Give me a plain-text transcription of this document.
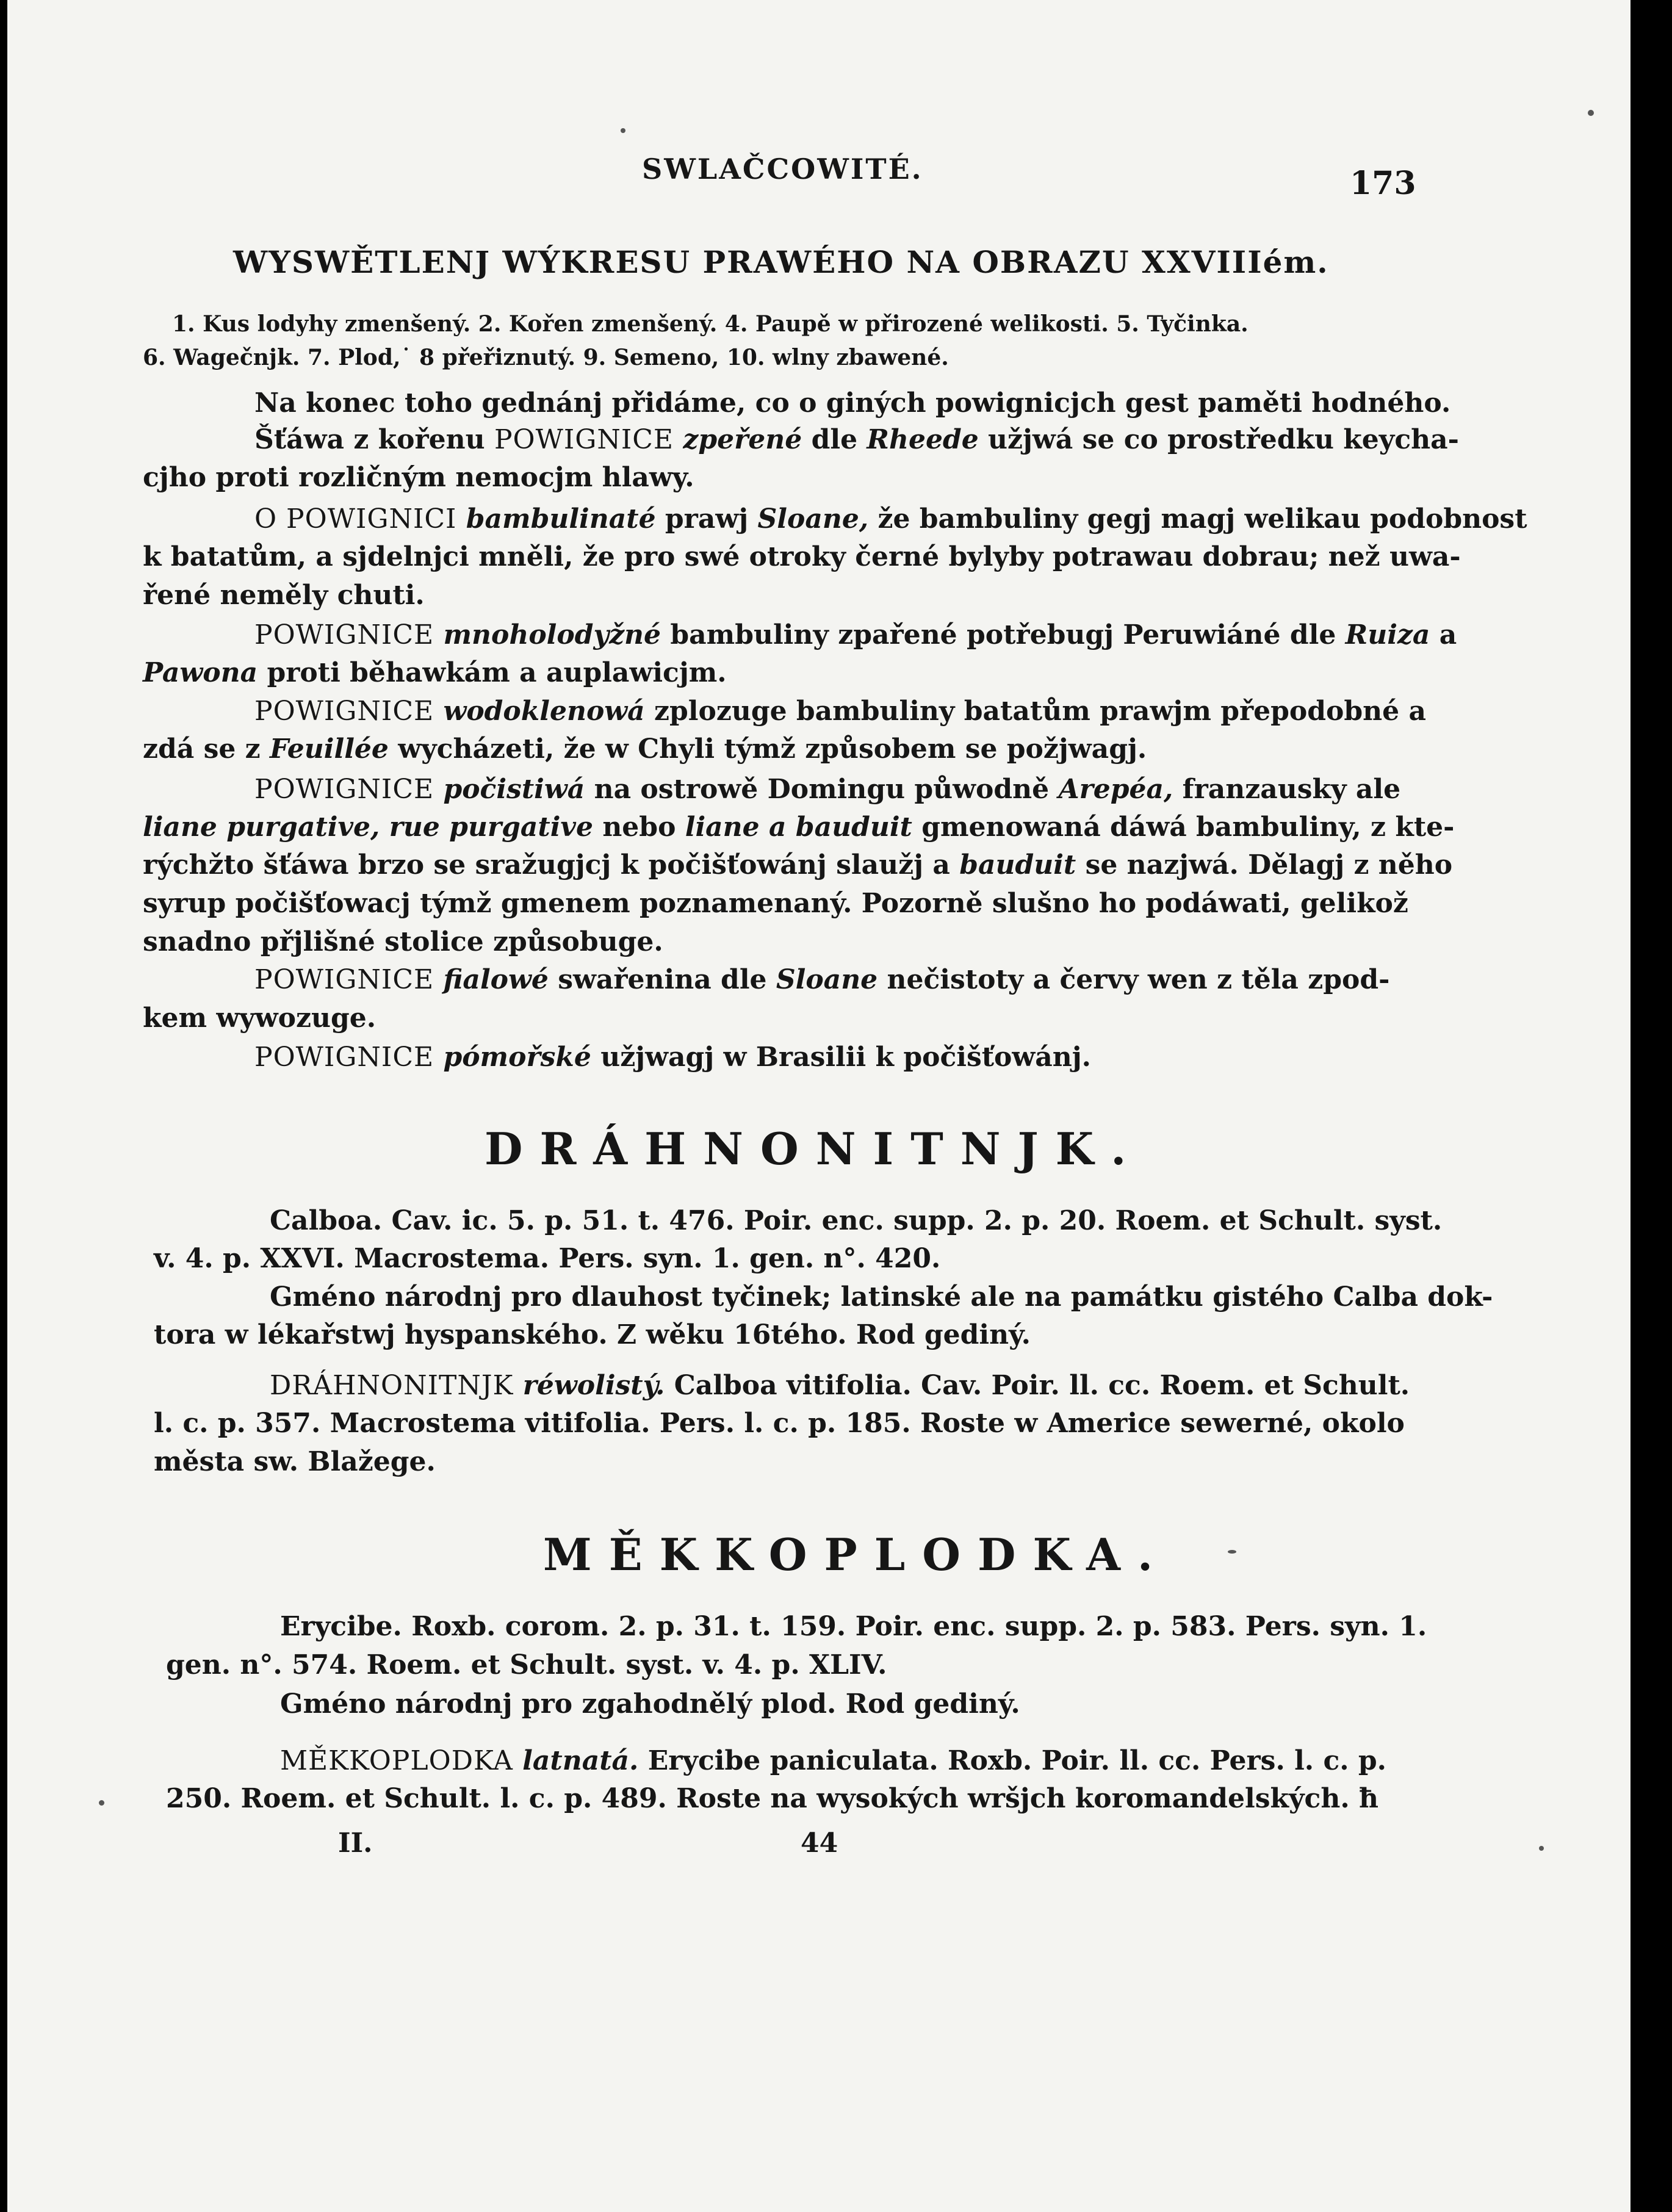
SWLAČCOWITÉ.	173
WYSWĚTLENJ WÝKRESU PRAWÉHO NA OBRAZU XXVIIIém.
1. Kus lodyhy zmenšený. 2. Kořen zmenšený. 4. Paupě w přirozené welikosti. 5. Tyčinka.
6. Wagečnjk. 7. Plod,˙ 8 přeřiznutý. 9. Semeno, 10. wlny zbawené.
Na konec toho gednánj přidáme, co o giných powignicjch gest paměti hodného.
Šťáwa z kořenu POWIGNICE zpeřené dle Rheede užjwá se co prostředku keycha-
cjho proti rozličným nemocjm hlawy.
O POWIGNICI bambulinaté prawj Sloane, že bambuliny gegj magj welikau podobnost
k batatům, a sjdelnjci mněli, že pro swé otroky černé bylyby potrawau dobrau; než uwa-
řené neměly chuti.
POWIGNICE mnoholodyžné bambuliny zpařené potřebugj Peruwiáné dle Ruiza a
Pawona proti běhawkám a auplawicjm.
POWIGNICE wodoklenowá zplozuge bambuliny batatům prawjm přepodobné a
zdá se z Feuillée wycházeti, že w Chyli týmž způsobem se požjwagj.
POWIGNICE počistiwá na ostrowě Domingu půwodně Arepéa, franzausky ale
liane purgative, rue purgative nebo liane a bauduit gmenowaná dáwá bambuliny, z kte-
rýchžto šťáwa brzo se sražugjcj k počišťowánj slaužj a bauduit se nazjwá. Dělagj z něho
syrup počišťowacj týmž gmenem poznamenaný. Pozorně slušno ho podáwati, gelikož
snadno přjlišné stolice způsobuge.
POWIGNICE fialowé swařenina dle Sloane nečistoty a červy wen z těla zpod-
kem wywozuge.
POWIGNICE pómořské užjwagj w Brasilii k počišťowánj.
DRÁHNONITNJK.
Calboa. Cav. ic. 5. p. 51. t. 476. Poir. enc. supp. 2. p. 20. Roem. et Schult. syst.
v. 4. p. XXVI. Macrostema. Pers. syn. 1. gen. n°. 420.
Gméno národnj pro dlauhost tyčinek; latinské ale na památku gistého Calba dok-
tora w lékařstwj hyspanského. Z wěku 16tého. Rod gediný.
DRÁHNONITNJK réwolistý. Calboa vitifolia. Cav. Poir. ll. cc. Roem. et Schult.
l. c. p. 357. Macrostema vitifolia. Pers. l. c. p. 185. Roste w Americe sewerné, okolo
města sw. Blažege.
MĚKKOPLODKA.
Erycibe. Roxb. corom. 2. p. 31. t. 159. Poir. enc. supp. 2. p. 583. Pers. syn. 1.
gen. n°. 574. Roem. et Schult. syst. v. 4. p. XLIV.
Gméno národnj pro zgahodnělý plod. Rod gediný.
MĚKKOPLODKA latnatá. Erycibe paniculata. Roxb. Poir. ll. cc. Pers. l. c. p.
250. Roem. et Schult. l. c. p. 489. Roste na wysokých wršjch koromandelských. ħ
II.	44
